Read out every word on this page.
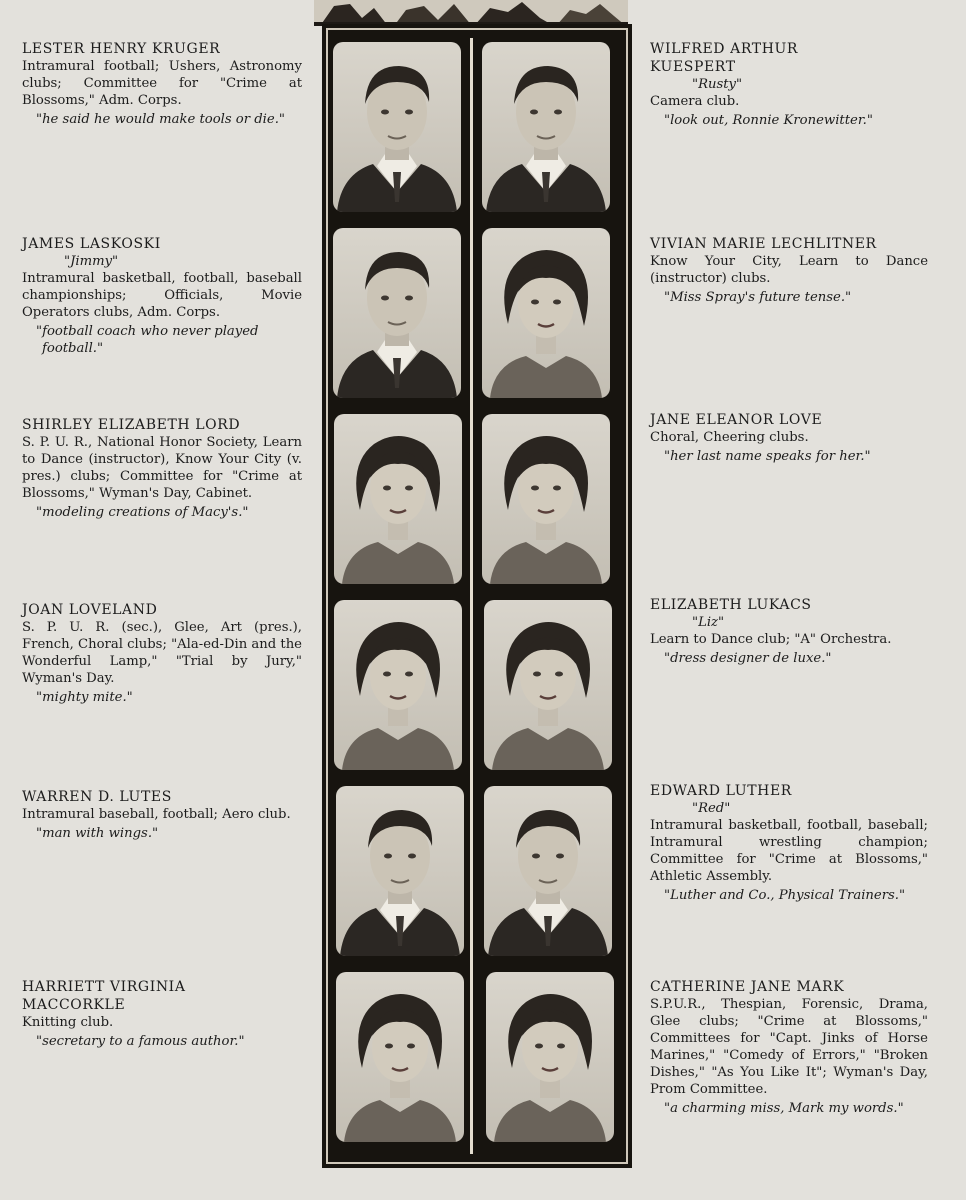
LESTER HENRY KRUGER
Intramural football; Ushers, Astronomy clubs; Committee for "Crime at Blossoms," Adm. Corps.
"he said he would make tools or die."
JAMES LASKOSKI
"Jimmy"
Intramural basketball, football, baseball championships; Officials, Movie Operators clubs, Adm. Corps.
"football coach who never played football."
SHIRLEY ELIZABETH LORD
S. P. U. R., National Honor Society, Learn to Dance (instructor), Know Your City (v. pres.) clubs; Committee for "Crime at Blossoms," Wyman's Day, Cabinet.
"modeling creations of Macy's."
JOAN LOVELAND
S. P. U. R. (sec.), Glee, Art (pres.), French, Choral clubs; "Ala-ed-Din and the Wonderful Lamp," "Trial by Jury," Wyman's Day.
"mighty mite."
WARREN D. LUTES
Intramural baseball, football; Aero club.
"man with wings."
HARRIETT VIRGINIA MACCORKLE
Knitting club.
"secretary to a famous author."
WILFRED ARTHUR KUESPERT
"Rusty"
Camera club.
"look out, Ronnie Kronewitter."
VIVIAN MARIE LECHLITNER
Know Your City, Learn to Dance (instructor) clubs.
"Miss Spray's future tense."
JANE ELEANOR LOVE
Choral, Cheering clubs.
"her last name speaks for her."
ELIZABETH LUKACS
"Liz"
Learn to Dance club; "A" Orchestra.
"dress designer de luxe."
EDWARD LUTHER
"Red"
Intramural basketball, football, baseball; Intramural wrestling champion; Committee for "Crime at Blossoms," Athletic Assembly.
"Luther and Co., Physical Trainers."
CATHERINE JANE MARK
S.P.U.R., Thespian, Forensic, Drama, Glee clubs; "Crime at Blossoms," Committees for "Capt. Jinks of Horse Marines," "Comedy of Errors," "Broken Dishes," "As You Like It"; Wyman's Day, Prom Committee.
"a charming miss, Mark my words."
